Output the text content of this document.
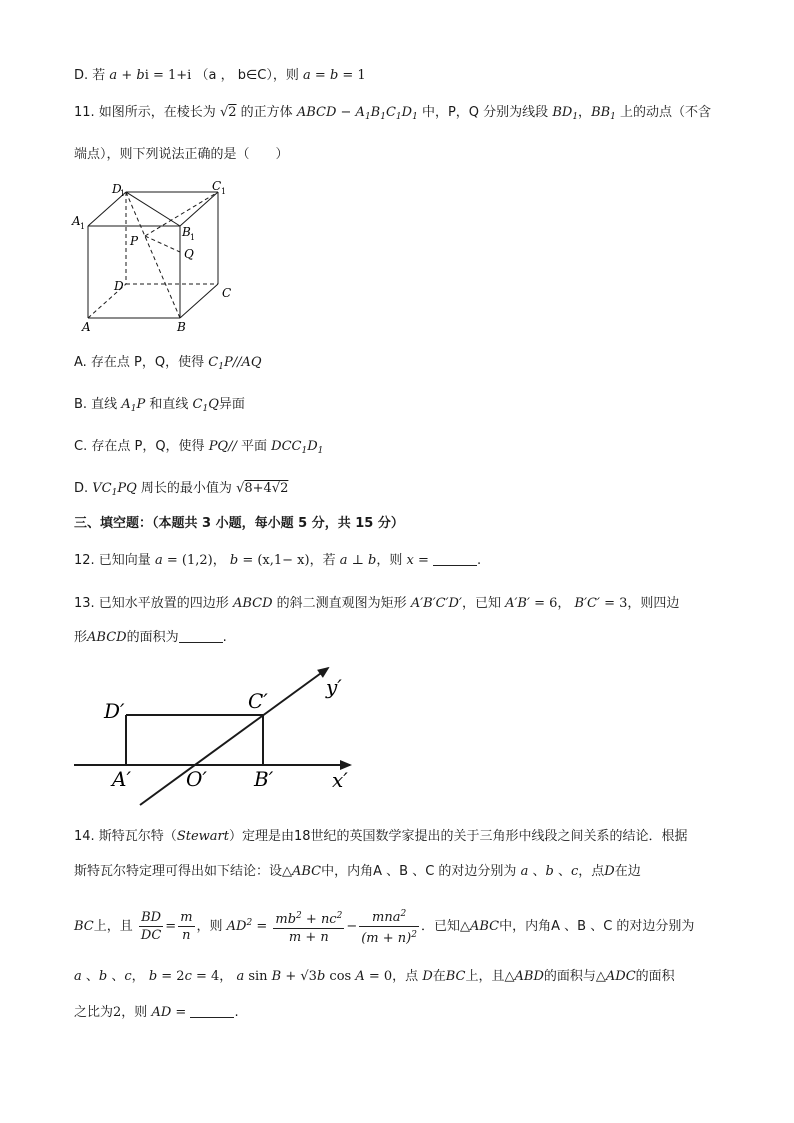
D. 若 a + bi = 1+i （a ， b∈C），则 a = b = 1
11. 如图所示，在棱长为 √2 的正方体 ABCD − $A_1B_1C_1D_1$ 中，P，Q 分别为线段 $BD_1$，$BB_1$ 上的动点（不含
端点），则下列说法正确的是（　　）
D
1
C 1
A 1	B 1
P
Q
D	C
A	B
A. 存在点 P，Q，使得 $C_1P//AQ$
B. 直线 $A_1P$ 和直线 $C_1Q$异面
C. 存在点 P，Q，使得 PQ// 平面 $DCC_1D_1$
D. $VC_1PQ$ 周长的最小值为 √8+4√2
三、填空题：（本题共 3 小题，每小题 5 分，共 15 分）
12. 已知向量 a = (1,2)， b = (x,1− x)，若 a ⊥ b，则 x =	.
13. 已知水平放置的四边形 ABCD 的斜二测直观图为矩形 A′B′C′D′，已知 A′B′ = 6， B′C′ = 3，则四边
形ABCD的面积为	.
D′	C′
y′
A′	O′ B′	x′
14. 斯特瓦尔特（Stewart）定理是由18世纪的英国数学家提出的关于三角形中线段之间关系的结论．根据
斯特瓦尔特定理可得出如下结论：设△ABC中，内角A 、B 、C 的对边分别为 a 、b 、c，点D在边
BC上，且 $\frac{BD}{DC} = \frac{m}{n}$ ，则 $AD^2 = \frac{mb^2 + nc^2}{m + n} - \frac{mna^2}{(m + n)^2}$ ．已知△ABC中，内角A 、B 、C 的对边分别为
a 、b 、c， b = 2c = 4， a sin B + √3b cos A = 0，点 D在BC上，且△ABD的面积与△ADC的面积
之比为2，则 AD =	.
